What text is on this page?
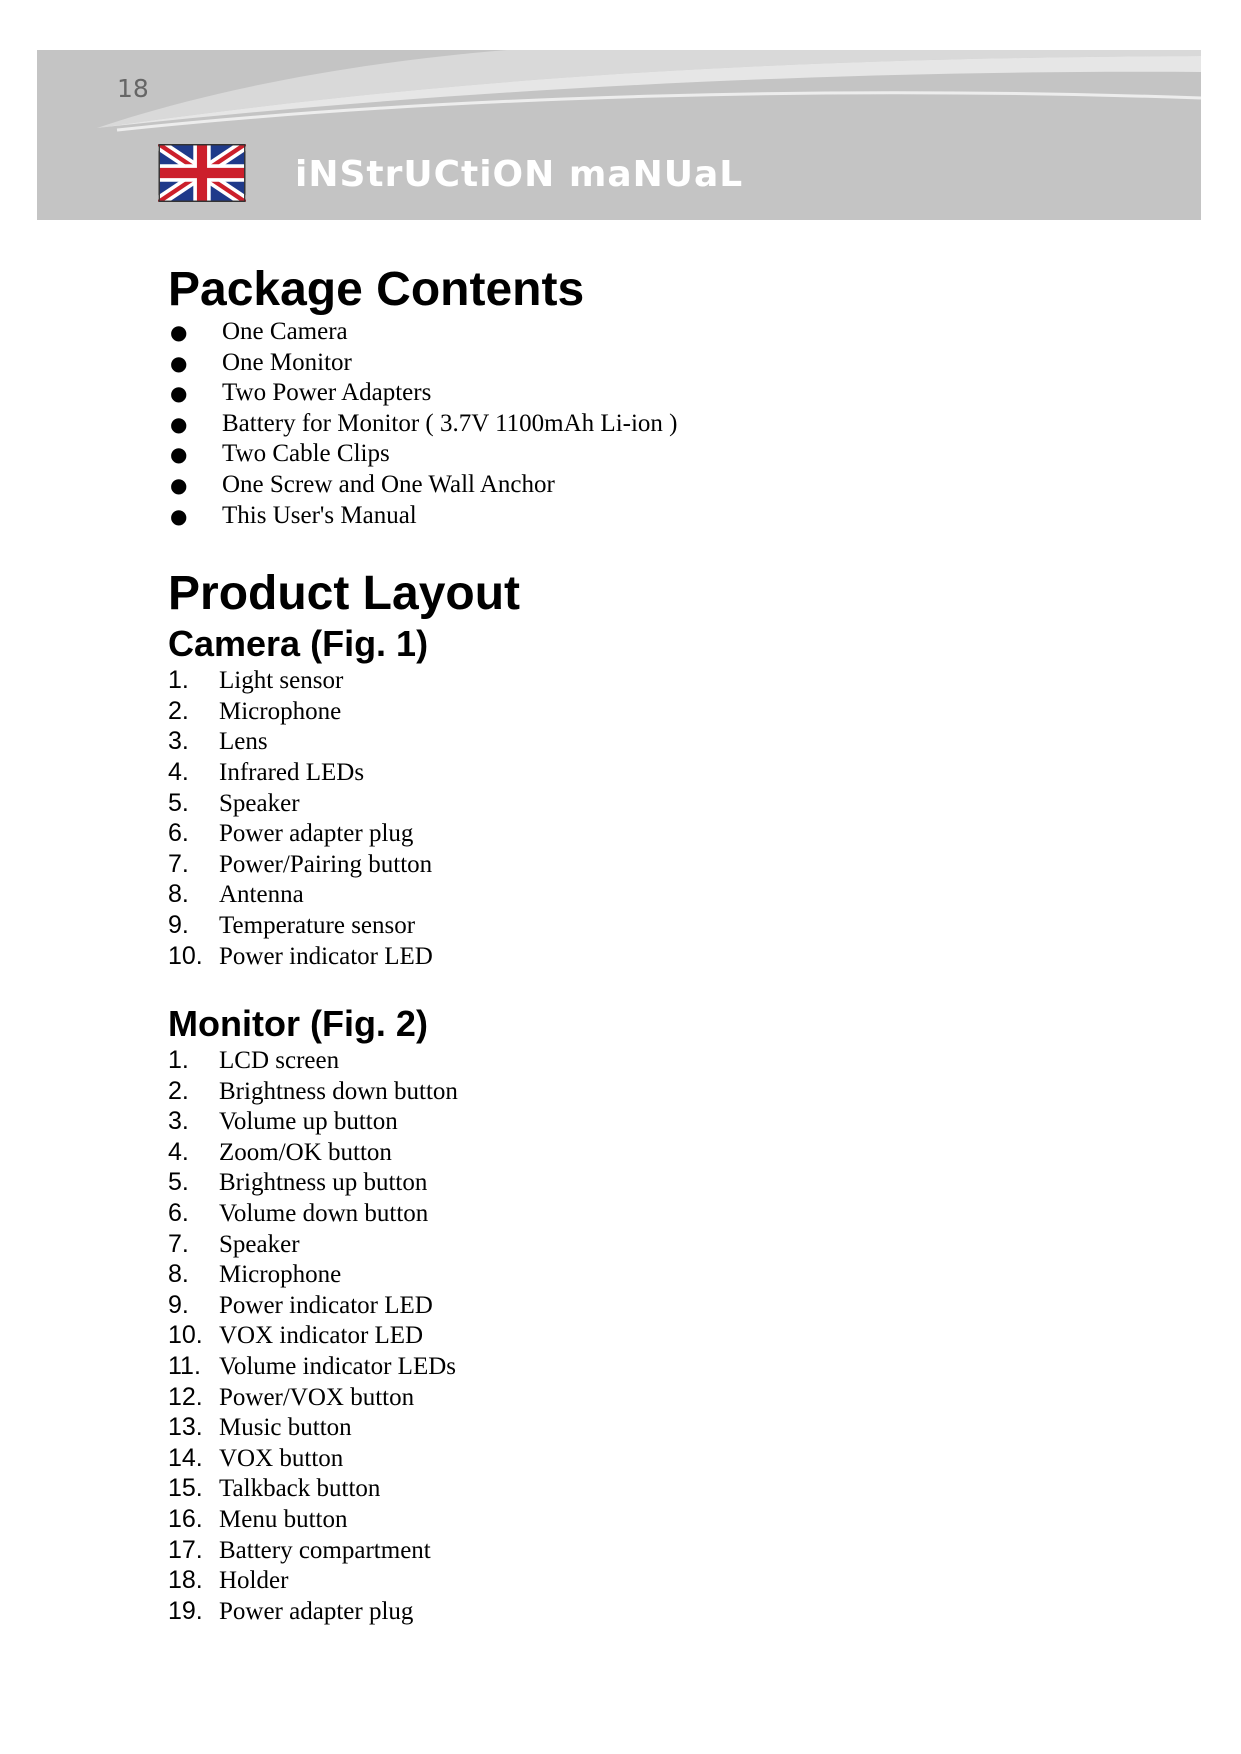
18
iNStrUCtiON maNUaL
Package Contents
●	One Camera
●	One Monitor
●	Two Power Adapters
●	Battery for Monitor ( 3.7V 1100mAh Li-ion )
●	Two Cable Clips
●	One Screw and One Wall Anchor
●	This User's Manual
Product Layout
Camera (Fig. 1)
1.	Light sensor
2.	Microphone
3.	Lens
4.	Infrared LEDs
5.	Speaker
6.	Power adapter plug
7.	Power/Pairing button
8.	Antenna
9.	Temperature sensor
10. Power indicator LED
Monitor (Fig. 2)
1.	LCD screen
2.	Brightness down button
3.	Volume up button
4.	Zoom/OK button
5.	Brightness up button
6.	Volume down button
7.	Speaker
8.	Microphone
9.	Power indicator LED
10. VOX indicator LED
11. Volume indicator LEDs
12. Power/VOX button
13. Music button
14. VOX button
15. Talkback button
16. Menu button
17. Battery compartment
18. Holder
19. Power adapter plug
